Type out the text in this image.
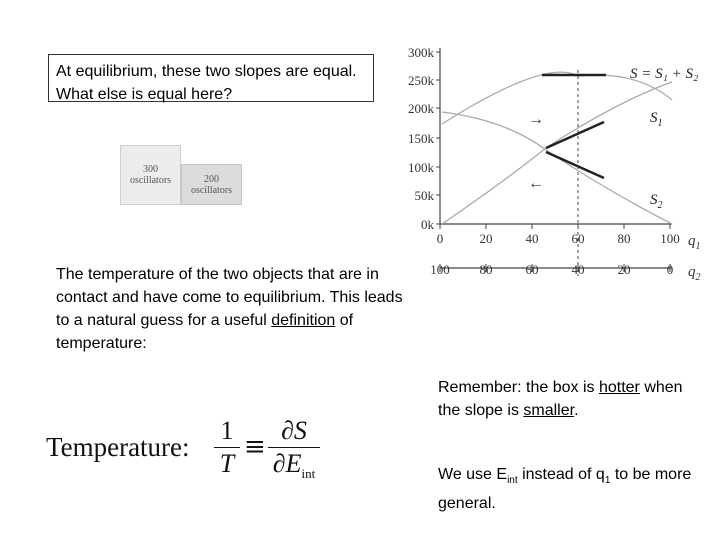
At equilibrium, these two slopes are equal. What else is equal here?
300
oscillators	200
oscillators
The temperature of the two objects that are in contact and have come to equilibrium. This leads to a natural guess for a useful definition of temperature:
Remember: the box is hotter when the slope is smaller.
We use $E_{int}$ instead of $q_1$ to be more general.
Temperature:
1
T
≡
∂S
$\partial E_{int}$
300k
250k
200k
150k
100k
50k
0k
0	20	40	60	80 100 $q_1$
100 80	60	40	20	0 $q_2$
→
←
S = S₁ + S₂
$S_1$
$S_2$
